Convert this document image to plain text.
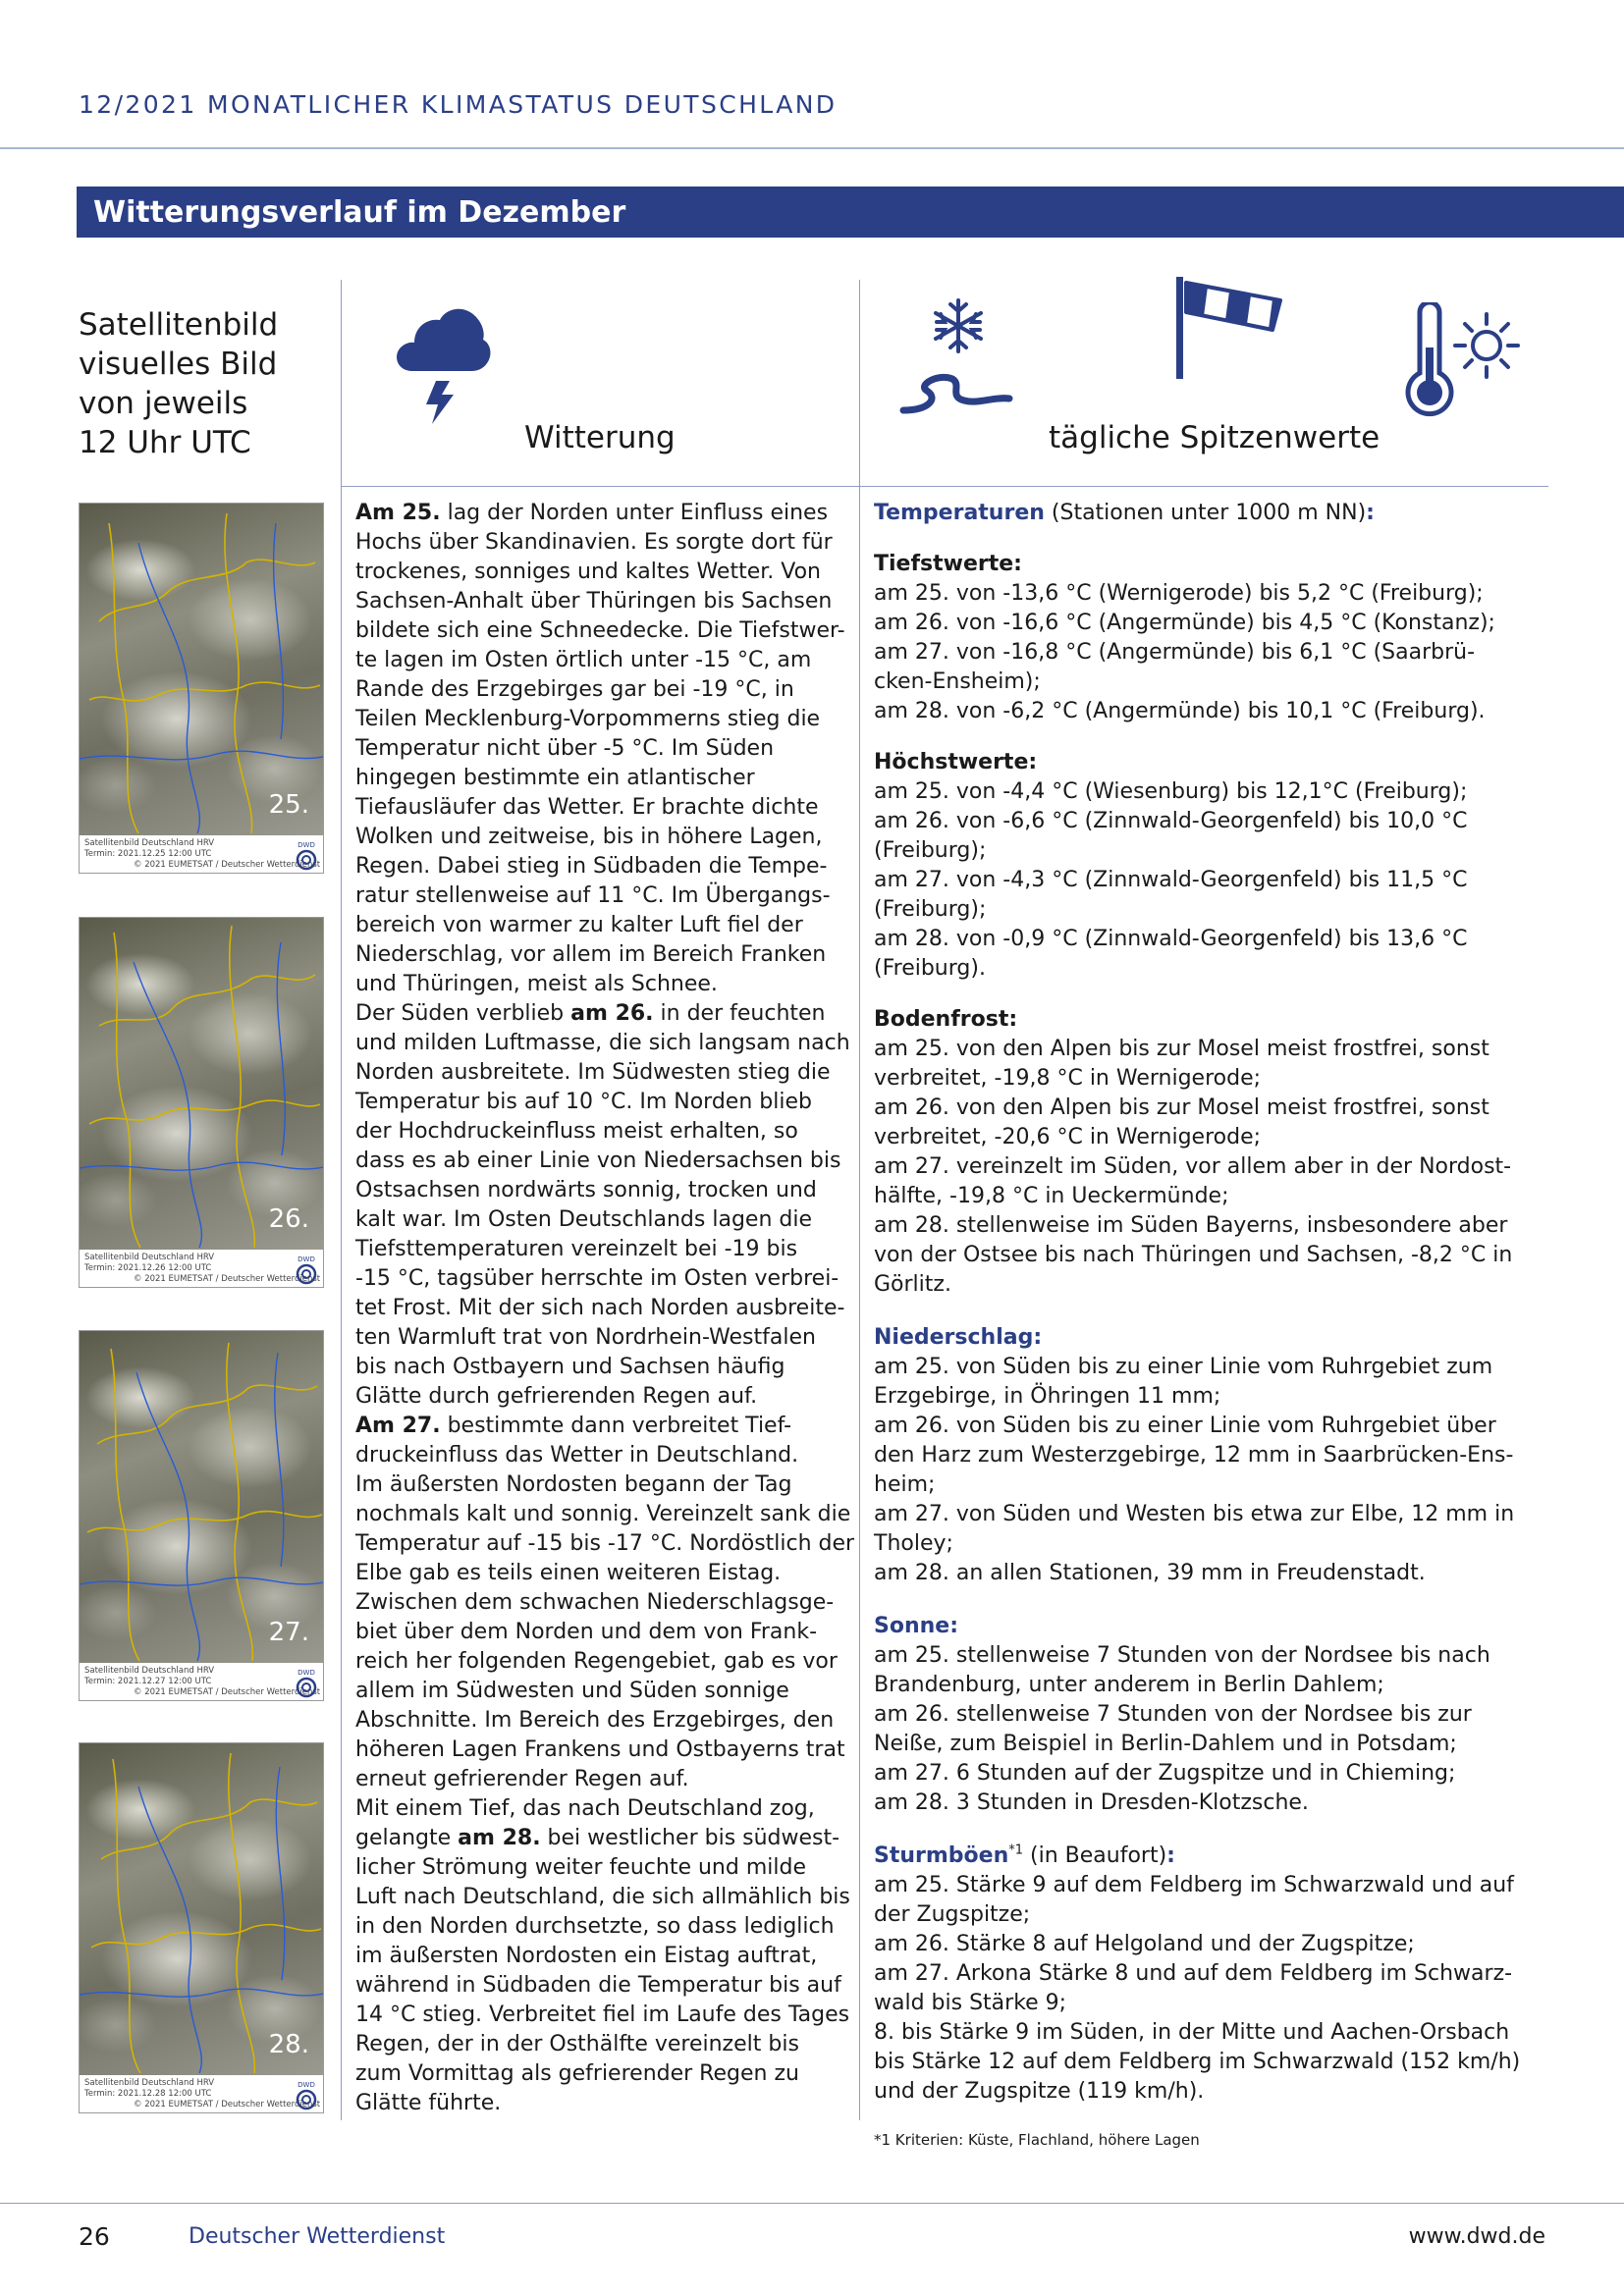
12/2021 MONATLICHER KLIMASTATUS DEUTSCHLAND
Witterungsverlauf im Dezember
Satellitenbild
visuelles Bild
von jeweils
12 Uhr UTC	Witterung	tägliche Spitzenwerte
25.
Satellitenbild Deutschland HRV
Termin: 2021.12.25 12:00 UTC
© 2021 EUMETSAT / Deutscher Wetterdienst
DWD
26.
Satellitenbild Deutschland HRV
Termin: 2021.12.26 12:00 UTC
© 2021 EUMETSAT / Deutscher Wetterdienst
DWD
27.
Satellitenbild Deutschland HRV
Termin: 2021.12.27 12:00 UTC
© 2021 EUMETSAT / Deutscher Wetterdienst
DWD
28.
Satellitenbild Deutschland HRV
Termin: 2021.12.28 12:00 UTC
© 2021 EUMETSAT / Deutscher Wetterdienst
DWD

Am 25. lag der Norden unter Einfluss eines

Hochs über Skandinavien. Es sorgte dort für

trockenes, sonniges und kaltes Wetter. Von

Sachsen-Anhalt über Thüringen bis Sachsen

bildete sich eine Schneedecke. Die Tiefstwer-

te lagen im Osten örtlich unter -15 °C, am

Rande des Erzgebirges gar bei -19 °C, in

Teilen Mecklenburg-Vorpommerns stieg die

Temperatur nicht über -5 °C. Im Süden

hingegen bestimmte ein atlantischer

Tiefausläufer das Wetter. Er brachte dichte

Wolken und zeitweise, bis in höhere Lagen,

Regen. Dabei stieg in Südbaden die Tempe-

ratur stellenweise auf 11 °C. Im Übergangs-

bereich von warmer zu kalter Luft fiel der

Niederschlag, vor allem im Bereich Franken

und Thüringen, meist als Schnee.

Der Süden verblieb am 26. in der feuchten

und milden Luftmasse, die sich langsam nach

Norden ausbreitete. Im Südwesten stieg die

Temperatur bis auf 10 °C. Im Norden blieb

der Hochdruckeinfluss meist erhalten, so

dass es ab einer Linie von Niedersachsen bis

Ostsachsen nordwärts sonnig, trocken und

kalt war. Im Osten Deutschlands lagen die

Tiefsttemperaturen vereinzelt bei -19 bis

-15 °C, tagsüber herrschte im Osten verbrei-

tet Frost. Mit der sich nach Norden ausbreite-

ten Warmluft trat von Nordrhein-Westfalen

bis nach Ostbayern und Sachsen häufig

Glätte durch gefrierenden Regen auf.

Am 27. bestimmte dann verbreitet Tief-

druckeinfluss das Wetter in Deutschland.

Im äußersten Nordosten begann der Tag

nochmals kalt und sonnig. Vereinzelt sank die

Temperatur auf -15 bis -17 °C. Nordöstlich der

Elbe gab es teils einen weiteren Eistag.

Zwischen dem schwachen Niederschlagsge-

biet über dem Norden und dem von Frank-

reich her folgenden Regengebiet, gab es vor

allem im Südwesten und Süden sonnige

Abschnitte. Im Bereich des Erzgebirges, den

höheren Lagen Frankens und Ostbayerns trat

erneut gefrierender Regen auf.

Mit einem Tief, das nach Deutschland zog,

gelangte am 28. bei westlicher bis südwest-

licher Strömung weiter feuchte und milde

Luft nach Deutschland, die sich allmählich bis

in den Norden durchsetzte, so dass lediglich

im äußersten Nordosten ein Eistag auftrat,

während in Südbaden die Temperatur bis auf

14 °C stieg. Verbreitet fiel im Laufe des Tages

Regen, der in der Osthälfte vereinzelt bis

zum Vormittag als gefrierender Regen zu

Glätte führte.

Temperaturen (Stationen unter 1000 m NN):

Tiefstwerte:

am 25. von -13,6 °C (Wernigerode) bis 5,2 °C (Freiburg);

am 26. von -16,6 °C (Angermünde) bis 4,5 °C (Konstanz);

am 27. von -16,8 °C (Angermünde) bis 6,1 °C (Saarbrü-

cken-Ensheim);

am 28. von -6,2 °C (Angermünde) bis 10,1 °C (Freiburg).

Höchstwerte:

am 25. von -4,4 °C (Wiesenburg) bis 12,1°C (Freiburg);

am 26. von -6,6 °C (Zinnwald-Georgenfeld) bis 10,0 °C

(Freiburg);

am 27. von -4,3 °C (Zinnwald-Georgenfeld) bis 11,5 °C

(Freiburg);

am 28. von -0,9 °C (Zinnwald-Georgenfeld) bis 13,6 °C

(Freiburg).

Bodenfrost:

am 25. von den Alpen bis zur Mosel meist frostfrei, sonst

verbreitet, -19,8 °C in Wernigerode;

am 26. von den Alpen bis zur Mosel meist frostfrei, sonst

verbreitet, -20,6 °C in Wernigerode;

am 27. vereinzelt im Süden, vor allem aber in der Nordost-

hälfte, -19,8 °C in Ueckermünde;

am 28. stellenweise im Süden Bayerns, insbesondere aber

von der Ostsee bis nach Thüringen und Sachsen, -8,2 °C in

Görlitz.

Niederschlag:

am 25. von Süden bis zu einer Linie vom Ruhrgebiet zum

Erzgebirge, in Öhringen 11 mm;

am 26. von Süden bis zu einer Linie vom Ruhrgebiet über

den Harz zum Westerzgebirge, 12 mm in Saarbrücken-Ens-

heim;

am 27. von Süden und Westen bis etwa zur Elbe, 12 mm in

Tholey;

am 28. an allen Stationen, 39 mm in Freudenstadt.

Sonne:

am 25. stellenweise 7 Stunden von der Nordsee bis nach

Brandenburg, unter anderem in Berlin Dahlem;

am 26. stellenweise 7 Stunden von der Nordsee bis zur

Neiße, zum Beispiel in Berlin-Dahlem und in Potsdam;

am 27. 6 Stunden auf der Zugspitze und in Chieming;

am 28. 3 Stunden in Dresden-Klotzsche.

Sturmböen$^{*1}$ (in Beaufort):

am 25. Stärke 9 auf dem Feldberg im Schwarzwald und auf

der Zugspitze;

am 26. Stärke 8 auf Helgoland und der Zugspitze;

am 27. Arkona Stärke 8 und auf dem Feldberg im Schwarz-

wald bis Stärke 9;

8. bis Stärke 9 im Süden, in der Mitte und Aachen-Orsbach

bis Stärke 12 auf dem Feldberg im Schwarzwald (152 km/h)

und der Zugspitze (119 km/h).

*1 Kriterien: Küste, Flachland, höhere Lagen
26	Deutscher Wetterdienst	www.dwd.de
